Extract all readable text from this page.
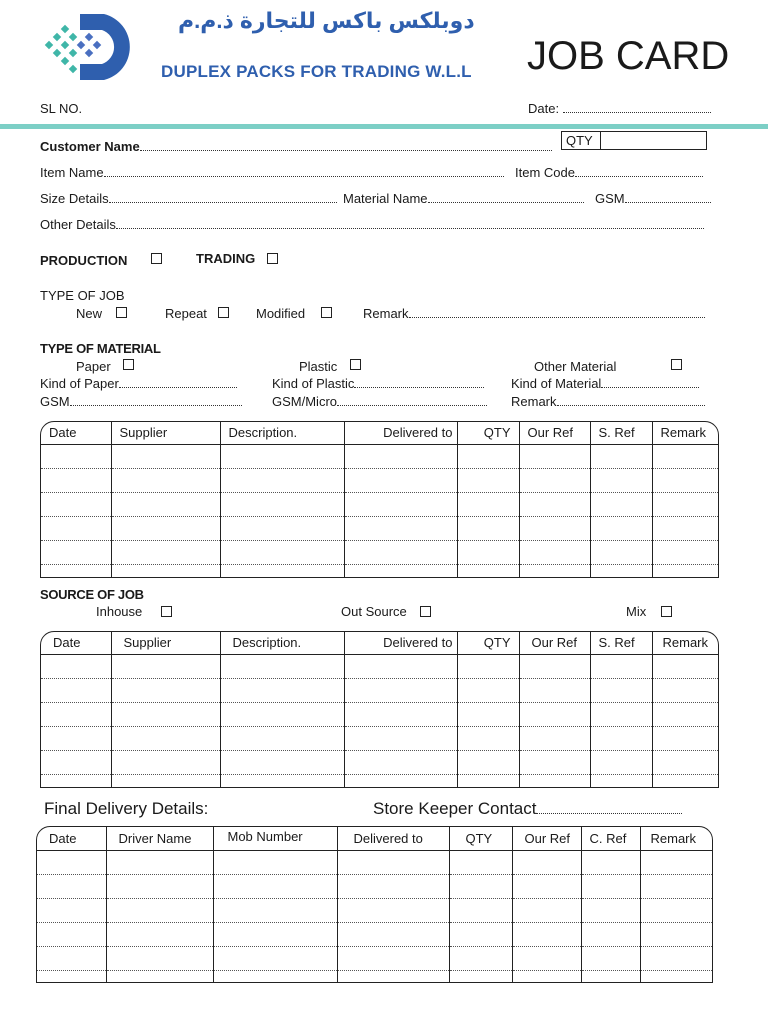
دوبلكس باكس للتجارة ذ.م.م
DUPLEX PACKS FOR TRADING W.L.L JOB CARD
SL NO.	Date:
QTY
Customer Name
Item Name	Item Code
Size Details	Material Name	GSM
Other Details
PRODUCTION	TRADING
TYPE OF JOB
New	Repeat	Modified	Remark
TYPE OF MATERIAL
Paper	Plastic	Other Material
Kind of Paper	Kind of Plastic	Kind of Material
GSM	GSM/Micro	Remark
Date	Supplier	Description.	Delivered to	QTY	Our Ref	S. Ref	Remark

SOURCE OF JOB
Inhouse	Out Source	Mix
Date	Supplier	Description.	Delivered to	QTY	Our Ref	S. Ref	Remark

Final Delivery Details:	Store Keeper Contact
Date	Driver Name	Mob Number	Delivered to	QTY	Our Ref	C. Ref	Remark
